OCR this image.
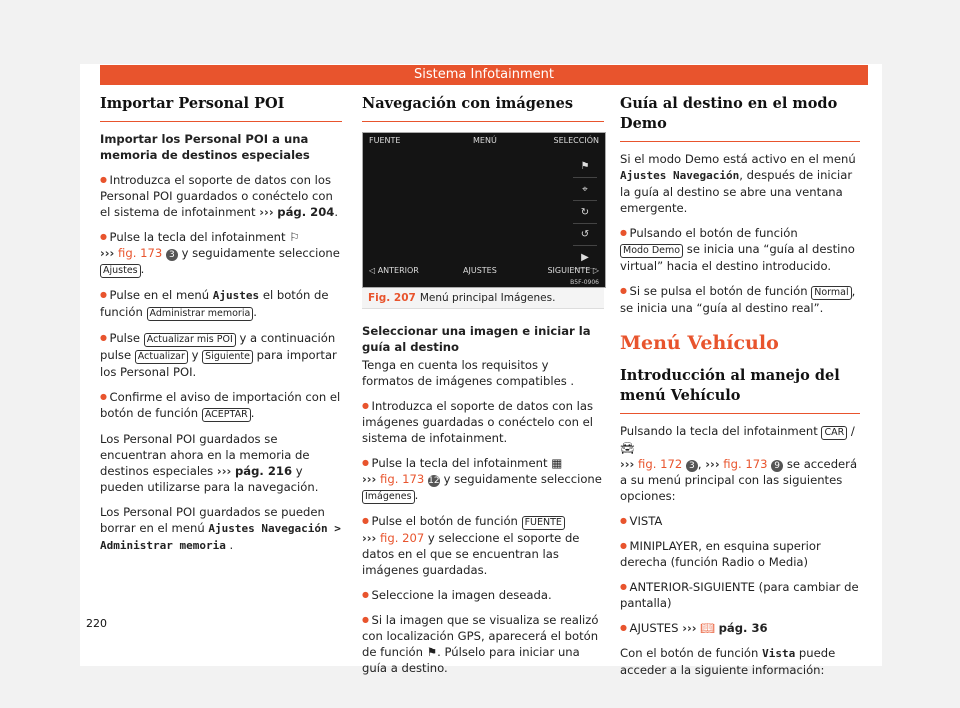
Sistema Infotainment
Importar Personal POI

Importar los Personal POI a una memoria de destinos especiales

● Introduzca el soporte de datos con los Personal POI guardados o conéctelo con el sistema de infotainment ››› pág. 204.

● Pulse la tecla del infotainment ⚐
››› fig. 173 3 y seguidamente seleccione Ajustes .

● Pulse en el menú Ajustes el botón de función Administrar memoria .

● Pulse Actualizar mis POI y a continuación pulse Actualizar y Siguiente para importar los Personal POI.

● Confirme el aviso de importación con el botón de función ACEPTAR .

Los Personal POI guardados se encuentran ahora en la memoria de destinos especiales ››› pág. 216 y pueden utilizarse para la navegación.

Los Personal POI guardados se pueden borrar en el menú Ajustes Navegación > Administrar memoria .

Navegación con imágenes
FUENTE	MENÚ	SELECCIÓN
⚑
⌖
↻
↺
▶
◁ ANTERIOR	AJUSTES	SIGUIENTE ▷
B5F-0906
Fig. 207 Menú principal Imágenes.

Seleccionar una imagen e iniciar la guía al destino

Tenga en cuenta los requisitos y formatos de imágenes compatibles .

● Introduzca el soporte de datos con las imágenes guardadas o conéctelo con el sistema de infotainment.

● Pulse la tecla del infotainment ▦
››› fig. 173 12 y seguidamente seleccione Imágenes .

● Pulse el botón de función FUENTE
››› fig. 207 y seleccione el soporte de datos en el que se encuentran las imágenes guardadas.

● Seleccione la imagen deseada.

● Si la imagen que se visualiza se realizó con localización GPS, aparecerá el botón de función ⚑. Púlselo para iniciar una guía a destino.

Guía al destino en el modo Demo

Si el modo Demo está activo en el menú Ajustes Navegación, después de iniciar la guía al destino se abre una ventana emergente.

● Pulsando el botón de función Modo Demo se inicia una “guía al destino virtual” hacia el destino introducido.

● Si se pulsa el botón de función Normal , se inicia una “guía al destino real”.

Menú Vehículo
Introducción al manejo del menú Vehículo

Pulsando la tecla del infotainment CAR / 🚘︎
››› fig. 172 3 , ››› fig. 173 9 se accederá a su menú principal con las siguientes opciones:

● VISTA

● MINIPLAYER, en esquina superior derecha (función Radio o Media)

● ANTERIOR-SIGUIENTE (para cambiar de pantalla)

● AJUSTES ››› 📖︎ pág. 36

Con el botón de función Vista puede acceder a la siguiente información:

220
